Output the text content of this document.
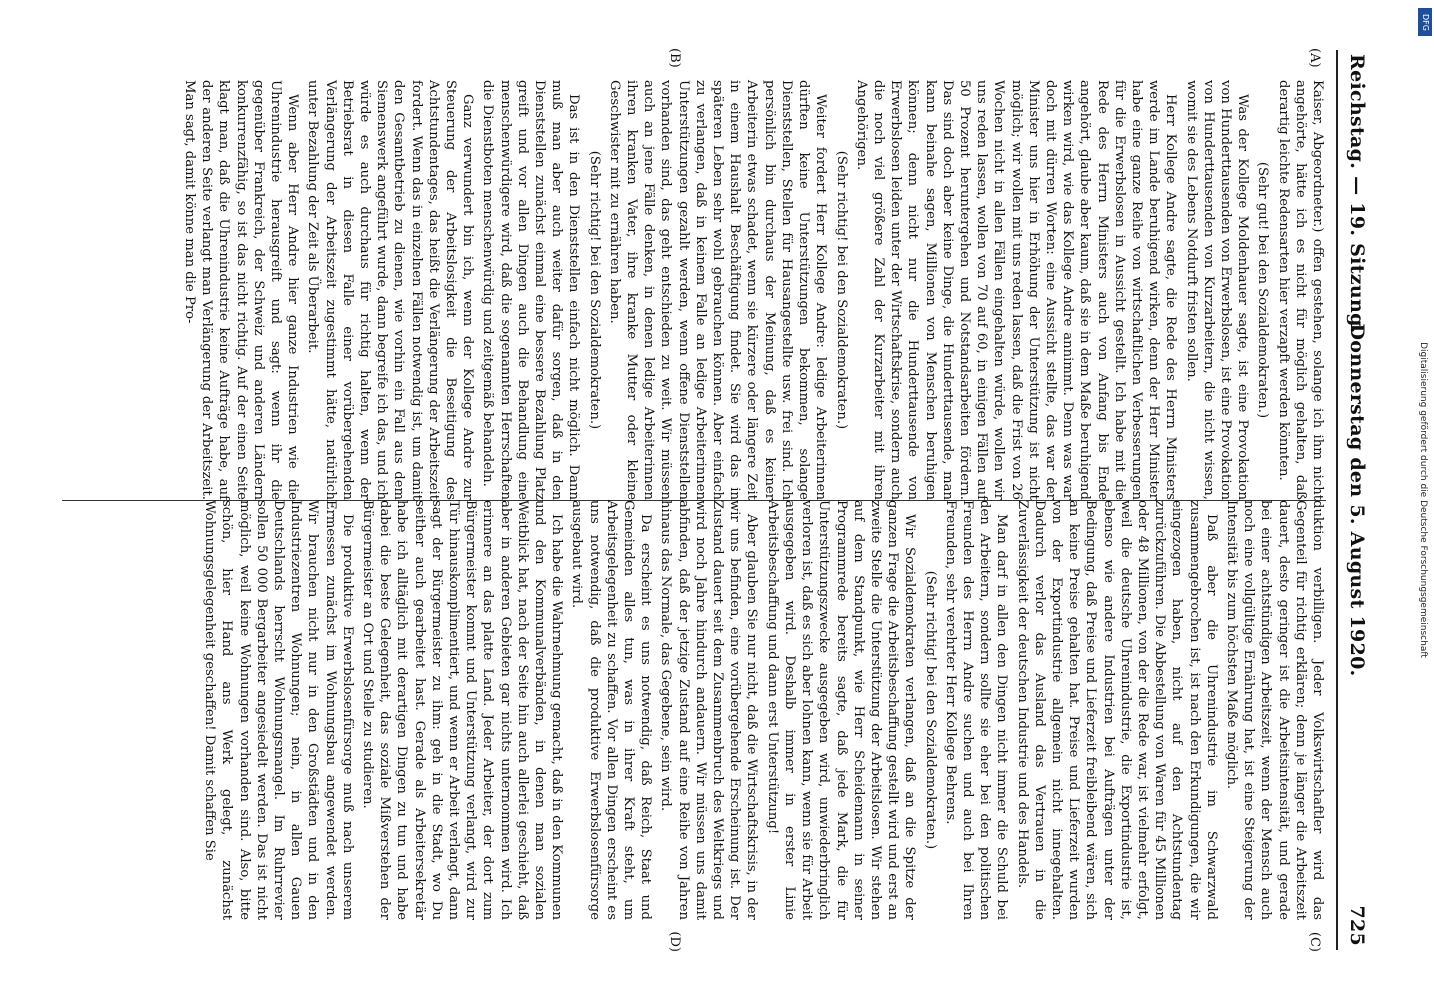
Reichstag. — 19. Sitzung.
Donnerstag den 5. August 1920.
725
(A)
(B)
(C)
(D)

Kaiser, Abgeordneter.) offen gestehen, solange ich ihm nicht angehörte, hätte ich es nicht für möglich gehalten, daß derartig leichte Redensarten hier verzapft werden könnten.

(Sehr gut! bei den Sozialdemokraten.)

Was der Kollege Moldenhauer sagte, ist eine Provokation von Hunderttausenden von Erwerbslosen, ist eine Provokation von Hunderttausenden von Kurzarbeitern, die nicht wissen, womit sie des Lebens Notdurft fristen sollen.

Herr Kollege Andre sagte, die Rede des Herrn Ministers werde im Lande beruhigend wirken, denn der Herr Minister habe eine ganze Reihe von wirtschaftlichen Verbesserungen für die Erwerbslosen in Aussicht gestellt. Ich habe mit die Rede des Herrn Ministers auch von Anfang bis Ende angehört, glaube aber kaum, daß sie in dem Maße beruhigend wirken wird, wie das Kollege Andre annimmt. Denn was war doch mit dürren Worten: eine Aussicht stellte, das war der Minister uns hier in Erhöhung der Unterstützung ist nicht möglich; wir wollen mit uns reden lassen, daß die Frist von 26 Wochen nicht in allen Fällen eingehalten würde, wollen wir uns reden lassen, wollen von 70 auf 60, in einigen Fällen auf 50 Prozent heruntergehen und Notstandsarbeiten fördern. Das sind doch aber keine Dinge, die Hunderttausende, man kann beinahe sagen, Millionen von Menschen beruhigen können; denn nicht nur die Hunderttausende von Erwerbslosen leiden unter der Wirtschaftskrise, sondern auch die noch viel größere Zahl der Kurzarbeiter mit ihren Angehörigen.

(Sehr richtig! bei den Sozialdemokraten.)

Weiter fordert Herr Kollege Andre: ledige Arbeiterinnen dürften keine Unterstützungen bekommen, solange Dienststellen, Stellen für Hausangestellte usw. frei sind. Ich persönlich bin durchaus der Meinung, daß es keiner Arbeiterin etwas schadet, wenn sie kürzere oder längere Zeit in einem Haushalt Beschäftigung findet. Sie wird das in späteren Leben sehr wohl gebrauchen können. Aber einfach zu verlangen, daß in keinem Falle an ledige Arbeiterinnen Unterstützungen gezahlt werden, wenn offene Dienststellen vorhanden sind, das geht entschieden zu weit. Wir müssen auch an jene Fälle denken, in denen ledige Arbeiterinnen ihren kranken Vater, ihre kranke Mutter oder kleine Geschwister mit zu ernähren haben.

(Sehr richtig! bei den Sozialdemokraten.)

Das ist in den Dienststellen einfach nicht möglich. Dann muß man aber auch weiter dafür sorgen, daß in den Dienststellen zunächst einmal eine bessere Bezahlung Platz greift und vor allen Dingen auch die Behandlung eine menschenwürdigere wird, daß die sogenannten Herrschaften die Dienstboten menschenwürdig und zeitgemäß behandeln.

Ganz verwundert bin ich, wenn der Kollege Andre zur Steuerung der Arbeitslosigkeit die Beseitigung des Achtstundentages, das heißt die Verlängerung der Arbeitszeit fordert. Wenn das in einzelnen Fällen notwendig ist, um damit den Gesamtbetrieb zu dienen, wie vorhin ein Fall aus dem Siemenswerk angeführt wurde, dann begreife ich das, und ich würde es auch durchaus für richtig halten, wenn der Betriebsrat in diesen Falle einer vorübergehenden Verlängerung der Arbeitszeit zugestimmt hätte, natürlich unter Bezahlung der Zeit als Überarbeit.

Wenn aber Herr Andre hier ganze Industrien wie die Uhrenindustrie herausgreift und sagt: wenn ihr die gegenüber Frankreich, der Schweiz und anderen Ländern konkurrenzfähig, so ist das nicht richtig. Auf der einen Seite klagt man, daß die Uhrenindustrie keine Aufträge habe, auf der anderen Seite verlangt man Verlängerung der Arbeitszeit. Man sagt, damit könne man die Pro-

duktion verbilligen. Jeder Volkswirtschaftler wird das Gegenteil für richtig erklären; denn je länger die Arbeitszeit dauert, desto geringer ist die Arbeitsintensität, und gerade bei einer achtstündigen Arbeitszeit, wenn der Mensch auch noch eine vollgültige Ernährung hat, ist eine Steigerung der Intensität bis zum höchsten Maße möglich.

Daß aber die Uhrenindustrie im Schwarzwald zusammengebrochen ist, ist nach den Erkundigungen, die wir eingezogen haben, nicht auf den Achtstundentag zurückzuführen. Die Abbestellung von Waren für 45 Millionen oder 48 Millionen, von der die Rede war, ist vielmehr erfolgt, weil die deutsche Uhrenindustrie, die Exportindustrie ist, ebenso wie andere Industrien bei Aufträgen unter der Bedingung, daß Preise und Lieferzeit freibleibend wären, sich an keine Preise gehalten hat. Preise und Lieferzeit wurden von der Exportindustrie allgemein nicht innegehalten. Dadurch verlor das Ausland das Vertrauen in die Zuverlässigkeit der deutschen Industrie und des Handels.

Man darf in allen den Dingen nicht immer die Schuld bei den Arbeitern, sondern sollte sie eher bei den politischen Freunden des Herrn Andre suchen und auch bei Ihren Freunden, sehr verehrter Herr Kollege Behrens.

(Sehr richtig! bei den Sozialdemokraten.)

Wir Sozialdemokraten verlangen, daß an die Spitze der ganzen Frage die Arbeitsbeschaffung gestellt wird und erst an zweite Stelle die Unterstützung der Arbeitslosen. Wir stehen auf dem Standpunkt, wie Herr Scheidemann in seiner Programmrede bereits sagte, daß jede Mark, die für Unterstützungszwecke ausgegeben wird, unwiederbringlich verloren ist, daß es sich aber lohnen kann, wenn sie für Arbeit ausgegeben wird. Deshalb immer in erster Linie Arbeitsbeschaffung und dann erst Unterstützung!

Aber glauben Sie nur nicht, daß die Wirtschaftskrisis, in der wir uns befinden, eine vorübergehende Erscheinung ist. Der Zustand dauert seit dem Zusammenbruch des Weltkriegs und wird noch Jahre hindurch andauern. Wir müssen uns damit abfinden, daß der jetzige Zustand auf eine Reihe von Jahren hinaus das Normale, das Gegebene, sein wird.

Da erscheint es uns notwendig, daß Reich, Staat und Gemeinden alles tun, was in ihrer Kraft steht, um Arbeitsgelegenheit zu schaffen. Vor allen Dingen erscheint es uns notwendig, daß die produktive Erwerbslosenfürsorge ausgebaut wird.

Ich habe die Wahrnehmung gemacht, daß in den Kommunen und den Kommunalverbänden, in denen man sozialen Weitblick hat, nach der Seite hin auch allerlei geschieht, daß aber in anderen Gebieten gar nichts unternommen wird. Ich erinnere an das platte Land. Jeder Arbeiter, der dort zum Bürgermeister kommt und Unterstützung verlangt, wird zur Tür hinauskomplimentiert, und wenn er Arbeit verlangt, dann sagt der Bürgermeister zu ihm: geh in die Stadt, wo Du seither auch gearbeitet hast. Gerade als Arbeitersekretär habe ich alltäglich mit derartigen Dingen zu tun und habe dabei die beste Gelegenheit, das soziale Mißverstehen der Bürgermeister an Ort und Stelle zu studieren.

Die produktive Erwerbslosenfürsorge muß nach unserem Ermessen zunächst im Wohnungsbau angewendet werden. Wir brauchen nicht nur in den Großstädten und in den Industriezentren Wohnungen; nein, in allen Gauen Deutschlands herrscht Wohnungsmangel. Im Ruhrrevier sollen 50 000 Bergarbeiter angesiedelt werden. Das ist nicht möglich, weil keine Wohnungen vorhanden sind. Also, bitte schön, hier Hand ans Werk gelegt, zunächst Wohnungsgelegenheit geschaffen! Damit schaffen Sie	Digitalisierung gefördert durch die Deutsche Forschungsgemeinschaft
DFG
